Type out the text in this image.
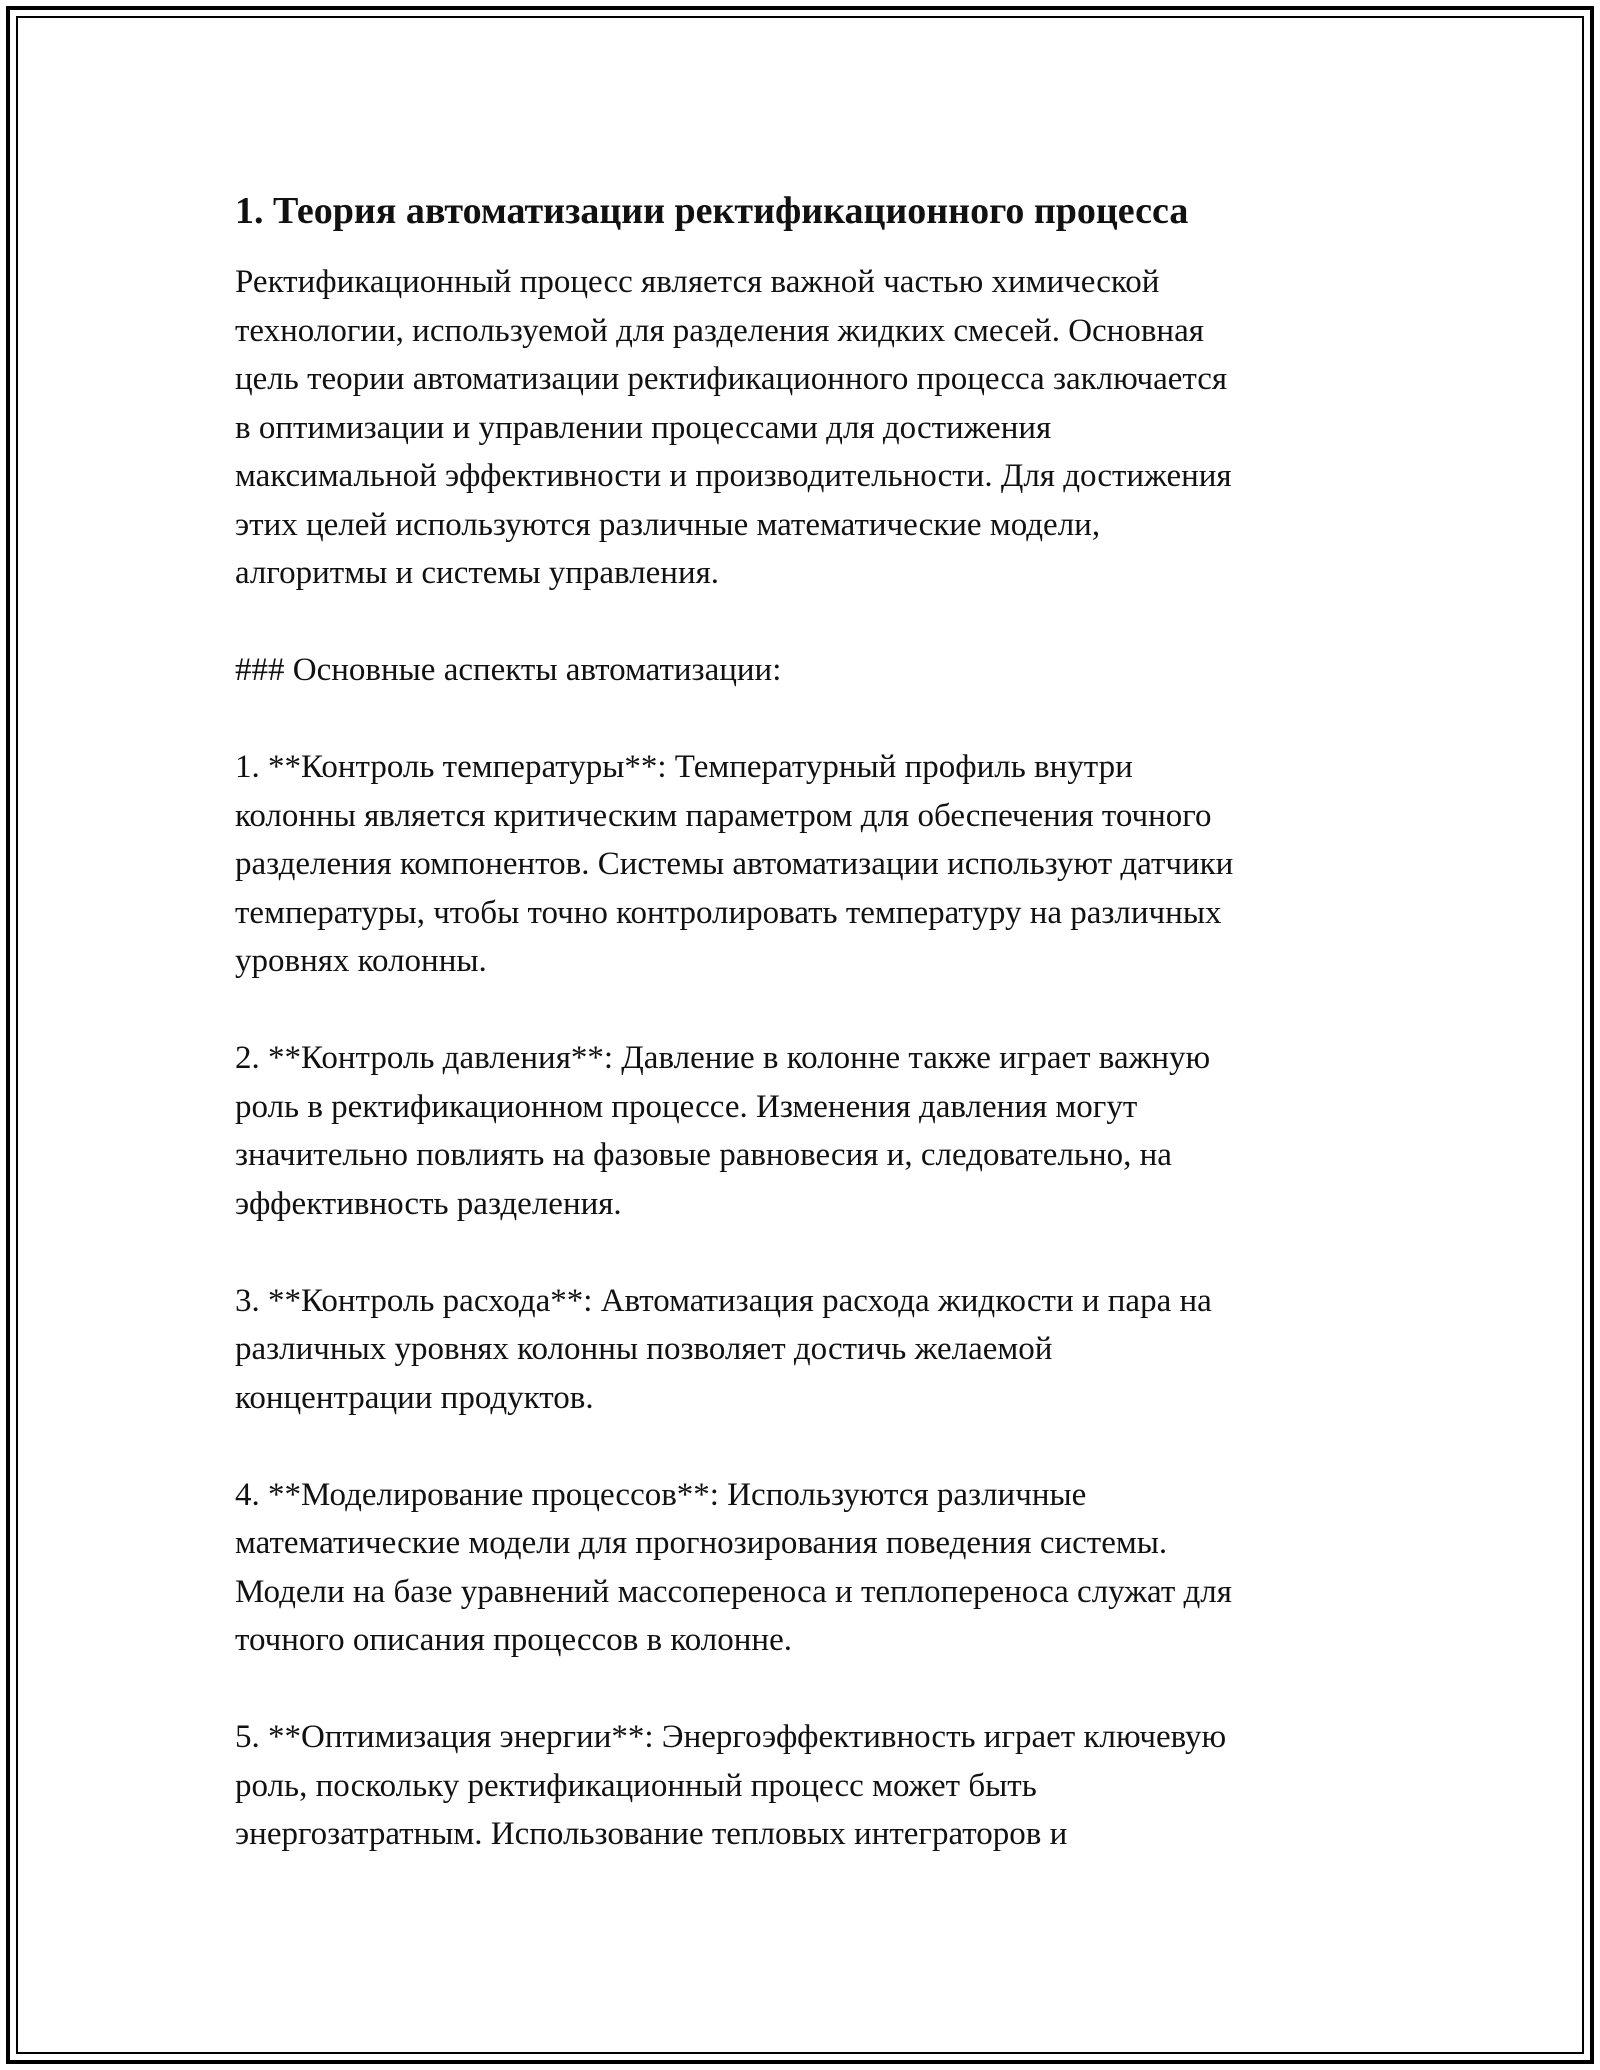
1. Теория автоматизации ректификационного процесса
Ректификационный процесс является важной частью химической
технологии, используемой для разделения жидких смесей. Основная
цель теории автоматизации ректификационного процесса заключается
в оптимизации и управлении процессами для достижения
максимальной эффективности и производительности. Для достижения
этих целей используются различные математические модели,
алгоритмы и системы управления.
### Основные аспекты автоматизации:
1. **Контроль температуры**: Температурный профиль внутри
колонны является критическим параметром для обеспечения точного
разделения компонентов. Системы автоматизации используют датчики
температуры, чтобы точно контролировать температуру на различных
уровнях колонны.
2. **Контроль давления**: Давление в колонне также играет важную
роль в ректификационном процессе. Изменения давления могут
значительно повлиять на фазовые равновесия и, следовательно, на
эффективность разделения.
3. **Контроль расхода**: Автоматизация расхода жидкости и пара на
различных уровнях колонны позволяет достичь желаемой
концентрации продуктов.
4. **Моделирование процессов**: Используются различные
математические модели для прогнозирования поведения системы.
Модели на базе уравнений массопереноса и теплопереноса служат для
точного описания процессов в колонне.
5. **Оптимизация энергии**: Энергоэффективность играет ключевую
роль, поскольку ректификационный процесс может быть
энергозатратным. Использование тепловых интеграторов и
